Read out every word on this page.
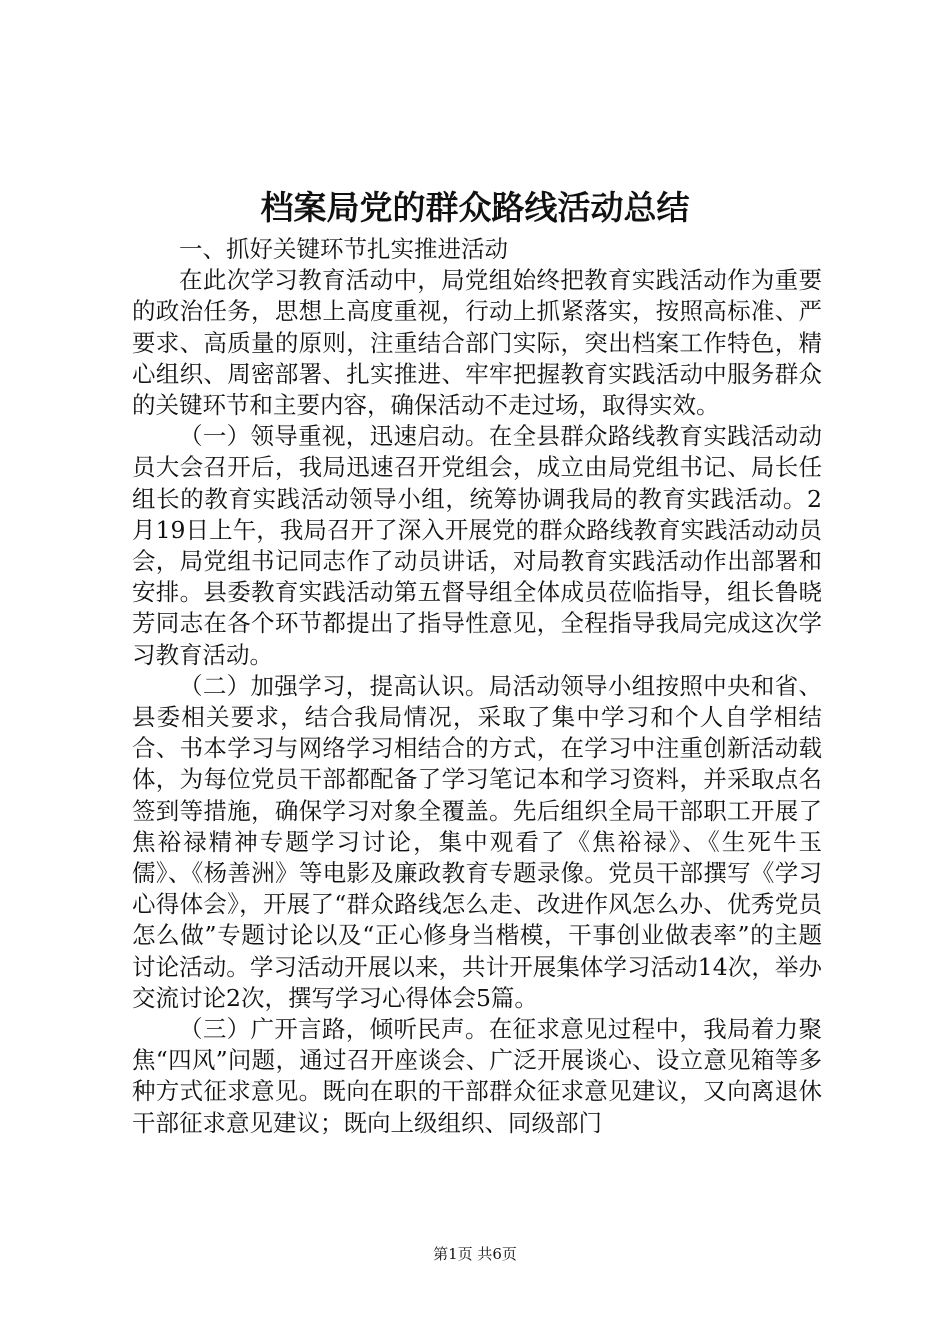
档案局党的群众路线活动总结

一、抓好关键环节扎实推进活动

在此次学习教育活动中，局党组始终把教育实践活动作为重要的政治任务，思想上高度重视，行动上抓紧落实，按照高标准、严要求、高质量的原则，注重结合部门实际，突出档案工作特色，精心组织、周密部署、扎实推进、牢牢把握教育实践活动中服务群众的关键环节和主要内容，确保活动不走过场，取得实效。

（一）领导重视，迅速启动。在全县群众路线教育实践活动动员大会召开后，我局迅速召开党组会，成立由局党组书记、局长任组长的教育实践活动领导小组，统筹协调我局的教育实践活动。2月19日上午，我局召开了深入开展党的群众路线教育实践活动动员会，局党组书记同志作了动员讲话，对局教育实践活动作出部署和安排。县委教育实践活动第五督导组全体成员莅临指导，组长鲁晓芳同志在各个环节都提出了指导性意见，全程指导我局完成这次学习教育活动。

（二）加强学习，提高认识。局活动领导小组按照中央和省、县委相关要求，结合我局情况，采取了集中学习和个人自学相结合、书本学习与网络学习相结合的方式，在学习中注重创新活动载体，为每位党员干部都配备了学习笔记本和学习资料，并采取点名签到等措施，确保学习对象全覆盖。先后组织全局干部职工开展了焦裕禄精神专题学习讨论，集中观看了《焦裕禄》、《生死牛玉儒》、《杨善洲》等电影及廉政教育专题录像。党员干部撰写《学习心得体会》，开展了“群众路线怎么走、改进作风怎么办、优秀党员怎么做”专题讨论以及“正心修身当楷模，干事创业做表率”的主题讨论活动。学习活动开展以来，共计开展集体学习活动14次，举办交流讨论2次，撰写学习心得体会5篇。

（三）广开言路，倾听民声。在征求意见过程中，我局着力聚焦“四风”问题，通过召开座谈会、广泛开展谈心、设立意见箱等多种方式征求意见。既向在职的干部群众征求意见建议，又向离退休干部征求意见建议；既向上级组织、同级部门

第1页 共6页
